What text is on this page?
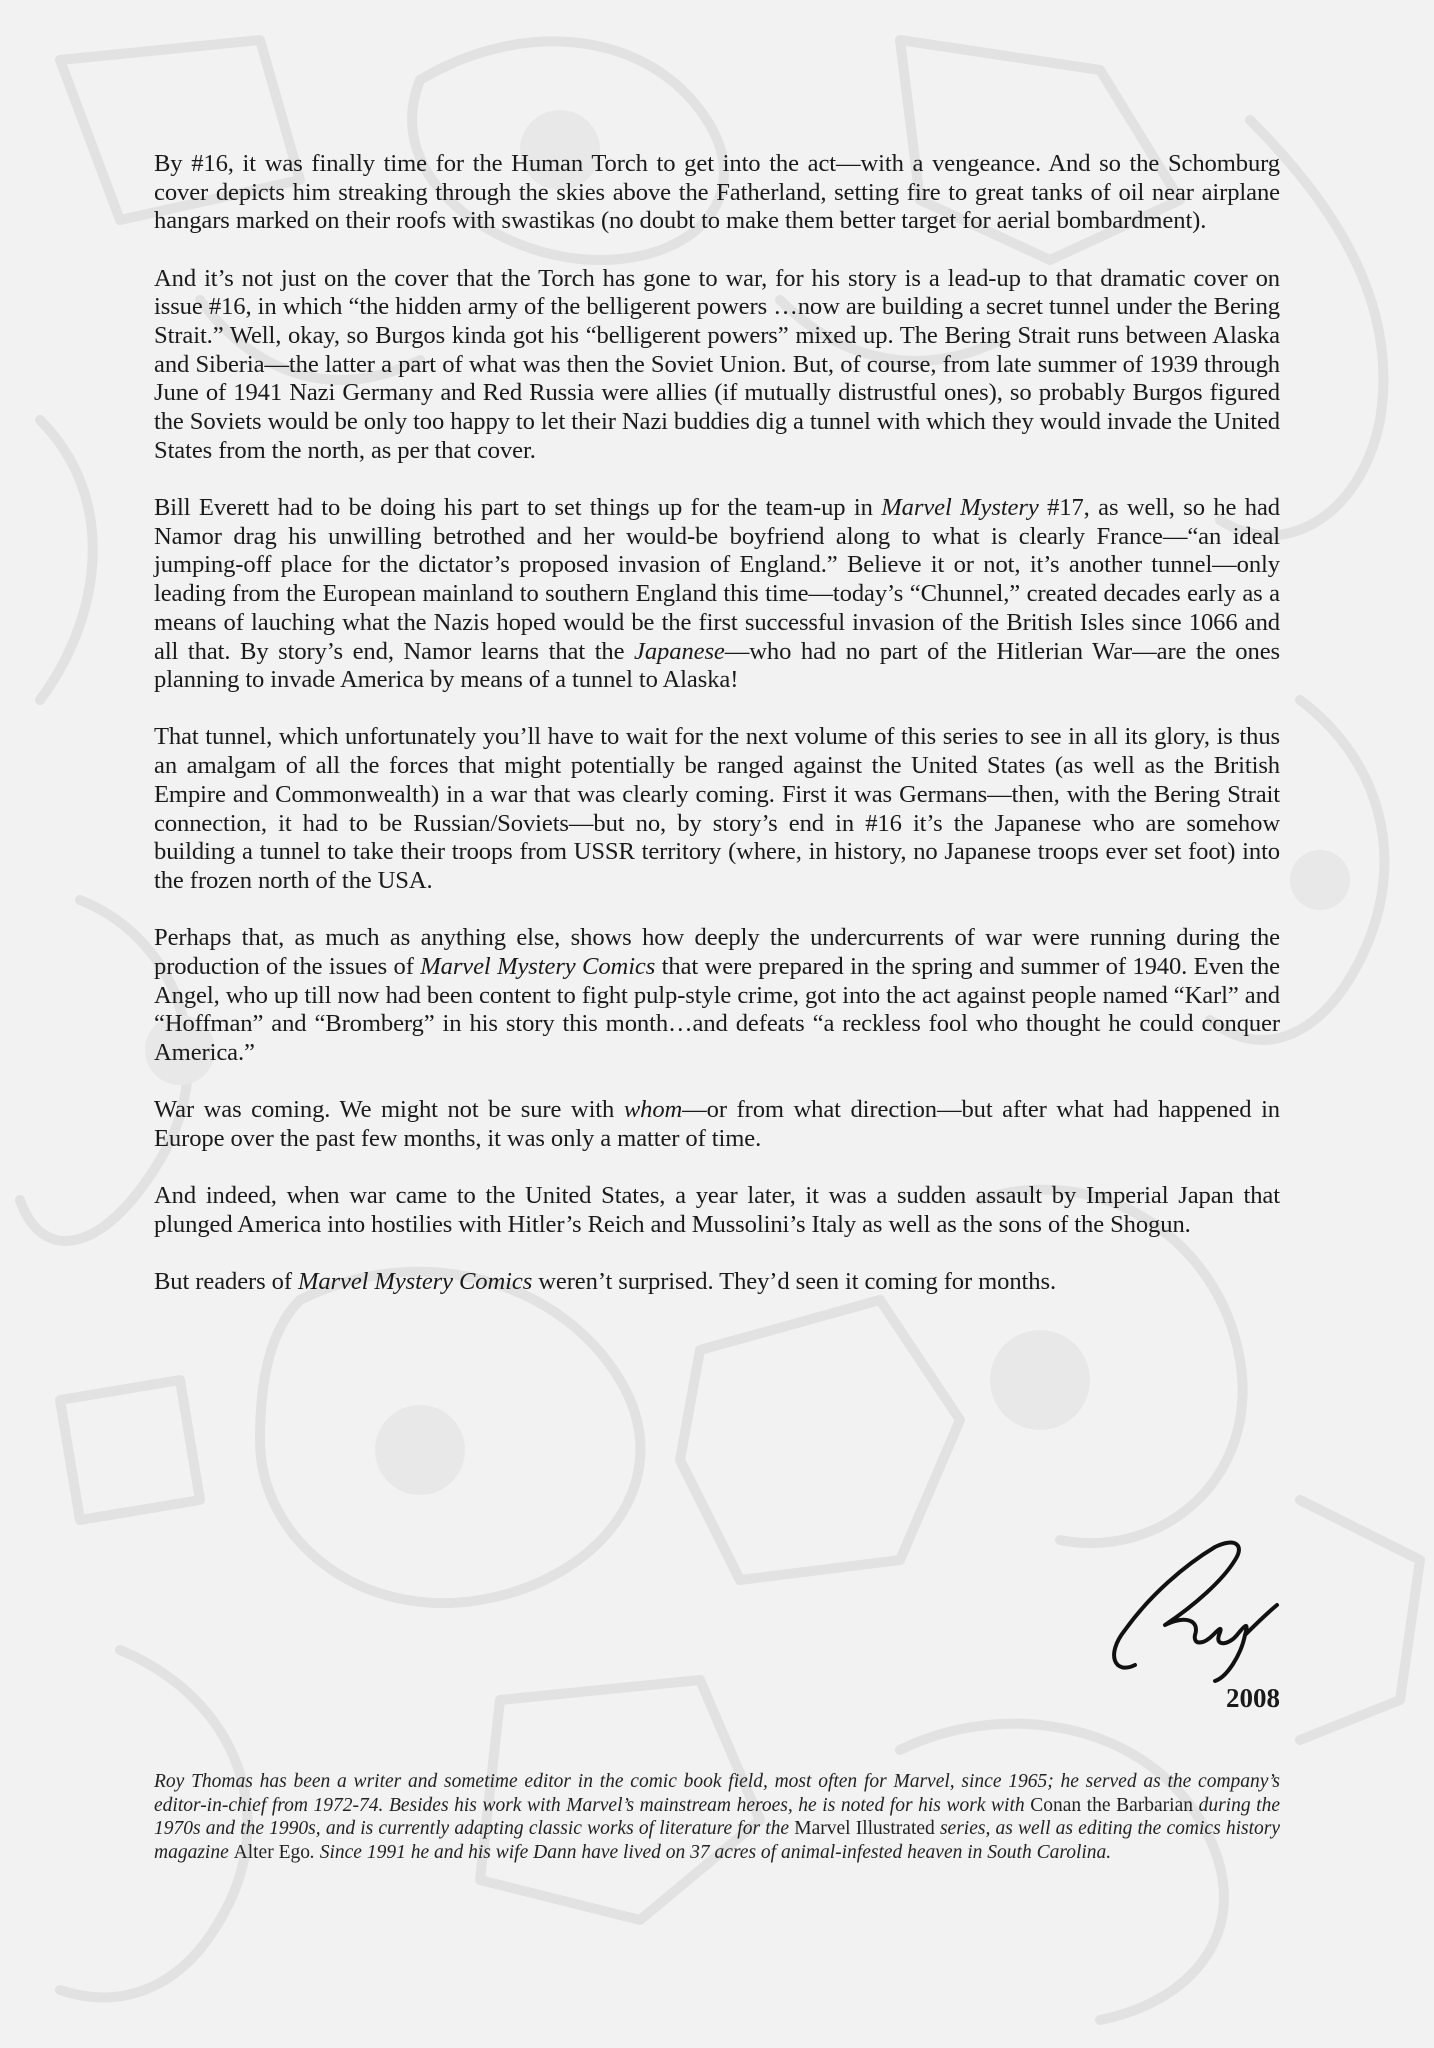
By #16, it was finally time for the Human Torch to get into the act—with a vengeance. And so the Schomburg cover depicts him streaking through the skies above the Fatherland, setting fire to great tanks of oil near airplane hangars marked on their roofs with swastikas (no doubt to make them better target for aerial bombardment).

And it’s not just on the cover that the Torch has gone to war, for his story is a lead-up to that dramatic cover on issue #16, in which “the hidden army of the belligerent powers …now are building a secret tunnel under the Bering Strait.” Well, okay, so Burgos kinda got his “belligerent powers” mixed up. The Bering Strait runs between Alaska and Siberia—the latter a part of what was then the Soviet Union. But, of course, from late summer of 1939 through June of 1941 Nazi Germany and Red Russia were allies (if mutually distrustful ones), so probably Burgos figured the Soviets would be only too happy to let their Nazi buddies dig a tunnel with which they would invade the United States from the north, as per that cover.

Bill Everett had to be doing his part to set things up for the team-up in Marvel Mystery #17, as well, so he had Namor drag his unwilling betrothed and her would-be boyfriend along to what is clearly France—“an ideal jumping-off place for the dictator’s proposed invasion of England.” Believe it or not, it’s another tunnel—only leading from the European mainland to southern England this time—today’s “Chunnel,” created decades early as a means of lauching what the Nazis hoped would be the first successful invasion of the British Isles since 1066 and all that. By story’s end, Namor learns that the Japanese—who had no part of the Hitlerian War—are the ones planning to invade America by means of a tunnel to Alaska!

That tunnel, which unfortunately you’ll have to wait for the next volume of this series to see in all its glory, is thus an amalgam of all the forces that might potentially be ranged against the United States (as well as the British Empire and Commonwealth) in a war that was clearly coming. First it was Germans—then, with the Bering Strait connection, it had to be Russian/Soviets—but no, by story’s end in #16 it’s the Japanese who are somehow building a tunnel to take their troops from USSR territory (where, in history, no Japanese troops ever set foot) into the frozen north of the USA.

Perhaps that, as much as anything else, shows how deeply the undercurrents of war were running during the production of the issues of Marvel Mystery Comics that were prepared in the spring and summer of 1940. Even the Angel, who up till now had been content to fight pulp-style crime, got into the act against people named “Karl” and “Hoffman” and “Bromberg” in his story this month…and defeats “a reckless fool who thought he could conquer America.”

War was coming. We might not be sure with whom—or from what direction—but after what had happened in Europe over the past few months, it was only a matter of time.

And indeed, when war came to the United States, a year later, it was a sudden assault by Imperial Japan that plunged America into hostilies with Hitler’s Reich and Mussolini’s Italy as well as the sons of the Shogun.

But readers of Marvel Mystery Comics weren’t surprised. They’d seen it coming for months.

2008
Roy Thomas has been a writer and sometime editor in the comic book field, most often for Marvel, since 1965; he served as the company’s editor-in-chief from 1972-74. Besides his work with Marvel’s mainstream heroes, he is noted for his work with Conan the Barbarian during the 1970s and the 1990s, and is currently adapting classic works of literature for the Marvel Illustrated series, as well as editing the comics history magazine Alter Ego. Since 1991 he and his wife Dann have lived on 37 acres of animal-infested heaven in South Carolina.
